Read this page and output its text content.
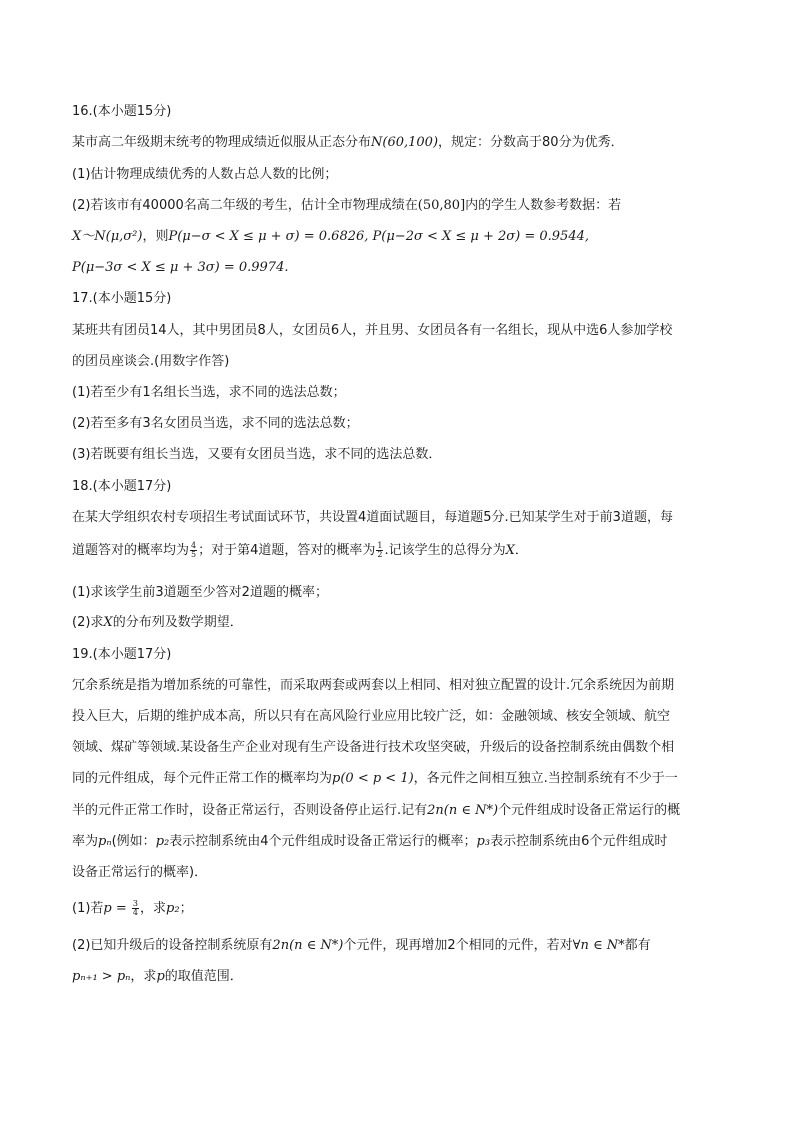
16.(本小题15分)
某市高二年级期末统考的物理成绩近似服从正态分布N(60,100)，规定：分数高于80分为优秀．
(1)估计物理成绩优秀的人数占总人数的比例；
(2)若该市有40000名高二年级的考生，估计全市物理成绩在(50,80]内的学生人数参考数据：若
X～N(μ,σ²)，则P(μ−σ < X ≤ μ + σ) = 0.6826, P(μ−2σ < X ≤ μ + 2σ) = 0.9544,
P(μ−3σ < X ≤ μ + 3σ) = 0.9974.
17.(本小题15分)
某班共有团员14人，其中男团员8人，女团员6人，并且男、女团员各有一名组长，现从中选6人参加学校
的团员座谈会.(用数字作答)
(1)若至少有1名组长当选，求不同的选法总数；
(2)若至多有3名女团员当选，求不同的选法总数；
(3)若既要有组长当选，又要有女团员当选，求不同的选法总数．
18.(本小题17分)
在某大学组织农村专项招生考试面试环节，共设置4道面试题目，每道题5分.已知某学生对于前3道题，每
道题答对的概率均为 $\frac{4}{5}$ ；对于第4道题，答对的概率为 $\frac{1}{2}$ .记该学生的总得分为X．
(1)求该学生前3道题至少答对2道题的概率；
(2)求X的分布列及数学期望．
19.(本小题17分)
冗余系统是指为增加系统的可靠性，而采取两套或两套以上相同、相对独立配置的设计.冗余系统因为前期
投入巨大，后期的维护成本高，所以只有在高风险行业应用比较广泛，如：金融领域、核安全领域、航空
领域、煤矿等领域.某设备生产企业对现有生产设备进行技术攻坚突破，升级后的设备控制系统由偶数个相
同的元件组成，每个元件正常工作的概率均为p(0 < p < 1)，各元件之间相互独立.当控制系统有不少于一
半的元件正常工作时，设备正常运行，否则设备停止运行.记有2n(n ∈ N*)个元件组成时设备正常运行的概
率为pₙ(例如：p₂表示控制系统由4个元件组成时设备正常运行的概率；p₃表示控制系统由6个元件组成时
设备正常运行的概率)．
(1)若$p = \frac{3}{4}$ ，求p₂；
(2)已知升级后的设备控制系统原有2n(n ∈ N*)个元件，现再增加2个相同的元件，若对∀n ∈ N*都有
pₙ₊₁ > pₙ，求p的取值范围．
